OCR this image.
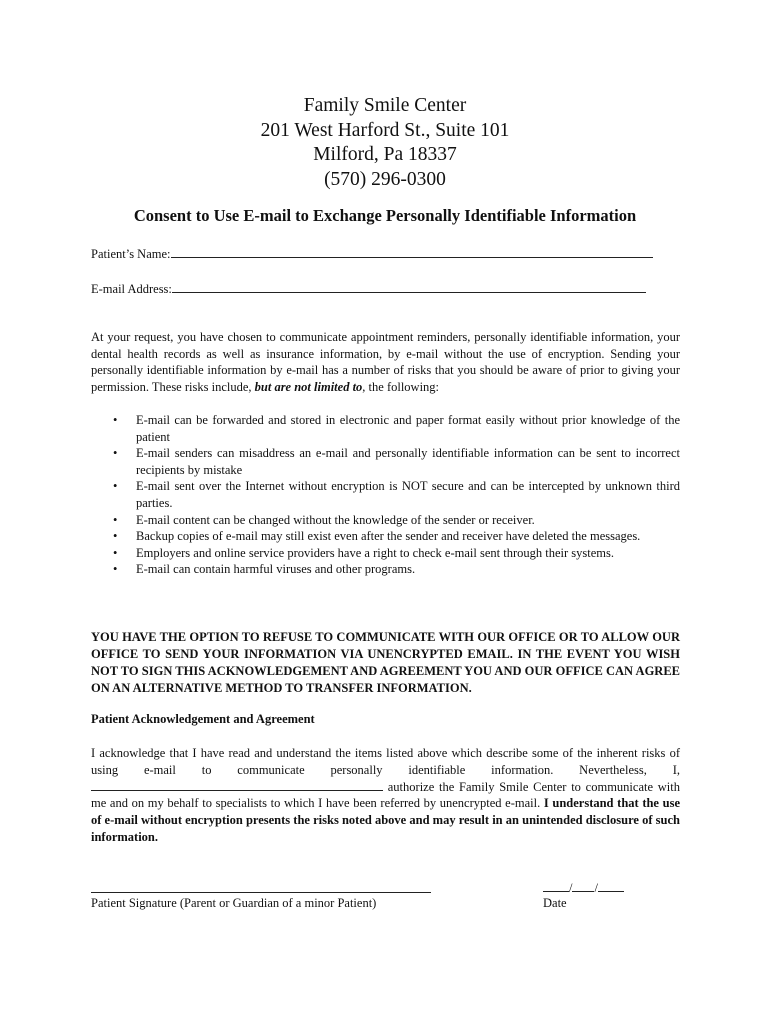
Family Smile Center
201 West Harford St., Suite 101
Milford, Pa 18337
(570) 296-0300
Consent to Use E-mail to Exchange Personally Identifiable Information
Patient’s Name:
E-mail Address:
At your request, you have chosen to communicate appointment reminders, personally identifiable information, your dental health records as well as insurance information, by e-mail without the use of encryption. Sending your personally identifiable information by e-mail has a number of risks that you should be aware of prior to giving your permission. These risks include, but are not limited to, the following:
• E-mail can be forwarded and stored in electronic and paper format easily without prior knowledge of the patient
• E-mail senders can misaddress an e-mail and personally identifiable information can be sent to incorrect recipients by mistake
• E-mail sent over the Internet without encryption is NOT secure and can be intercepted by unknown third parties.
• E-mail content can be changed without the knowledge of the sender or receiver.
• Backup copies of e-mail may still exist even after the sender and receiver have deleted the messages.
• Employers and online service providers have a right to check e-mail sent through their systems.
• E-mail can contain harmful viruses and other programs.
YOU HAVE THE OPTION TO REFUSE TO COMMUNICATE WITH OUR OFFICE OR TO ALLOW OUR OFFICE TO SEND YOUR INFORMATION VIA UNENCRYPTED EMAIL. IN THE EVENT YOU WISH NOT TO SIGN THIS ACKNOWLEDGEMENT AND AGREEMENT YOU AND OUR OFFICE CAN AGREE ON AN ALTERNATIVE METHOD TO TRANSFER INFORMATION.
Patient Acknowledgement and Agreement
I acknowledge that I have read and understand the items listed above which describe some of the inherent risks of using e-mail to communicate personally identifiable information. Nevertheless, I,  authorize the Family Smile Center to communicate with me and on my behalf to specialists to which I have been referred by unencrypted e-mail. I understand that the use of e-mail without encryption presents the risks noted above and may result in an unintended disclosure of such information.
Patient Signature (Parent or Guardian of a minor Patient)
/ /
Date
